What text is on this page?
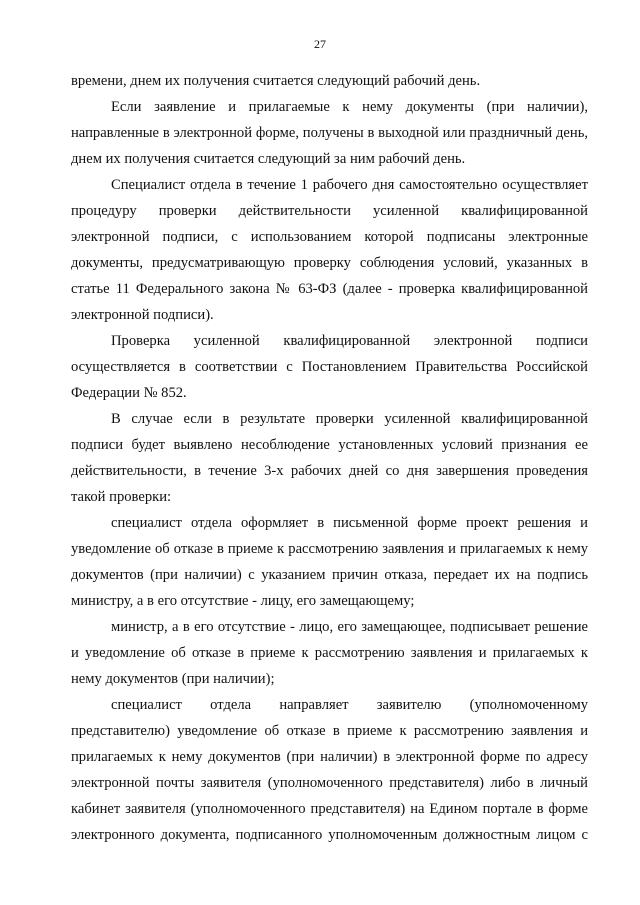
27

времени, днем их получения считается следующий рабочий день.

Если заявление и прилагаемые к нему документы (при наличии), направленные в электронной форме, получены в выходной или праздничный день, днем их получения считается следующий за ним рабочий день.

Специалист отдела в течение 1 рабочего дня самостоятельно осуществляет процедуру проверки действительности усиленной квалифицированной электронной подписи, с использованием которой подписаны электронные документы, предусматривающую проверку соблюдения условий, указанных в статье 11 Федерального закона № 63-ФЗ (далее - проверка квалифицированной электронной подписи).

Проверка усиленной квалифицированной электронной подписи осуществляется в соответствии с Постановлением Правительства Российской Федерации № 852.

В случае если в результате проверки усиленной квалифицированной подписи будет выявлено несоблюдение установленных условий признания ее действительности, в течение 3-х рабочих дней со дня завершения проведения такой проверки:

специалист отдела оформляет в письменной форме проект решения и уведомление об отказе в приеме к рассмотрению заявления и прилагаемых к нему документов (при наличии) с указанием причин отказа, передает их на подпись министру, а в его отсутствие - лицу, его замещающему;

министр, а в его отсутствие - лицо, его замещающее, подписывает решение и уведомление об отказе в приеме к рассмотрению заявления и прилагаемых к нему документов (при наличии);

специалист отдела направляет заявителю (уполномоченному представителю) уведомление об отказе в приеме к рассмотрению заявления и прилагаемых к нему документов (при наличии) в электронной форме по адресу электронной почты заявителя (уполномоченного представителя) либо в личный кабинет заявителя (уполномоченного представителя) на Едином портале в форме электронного документа, подписанного уполномоченным должностным лицом с
